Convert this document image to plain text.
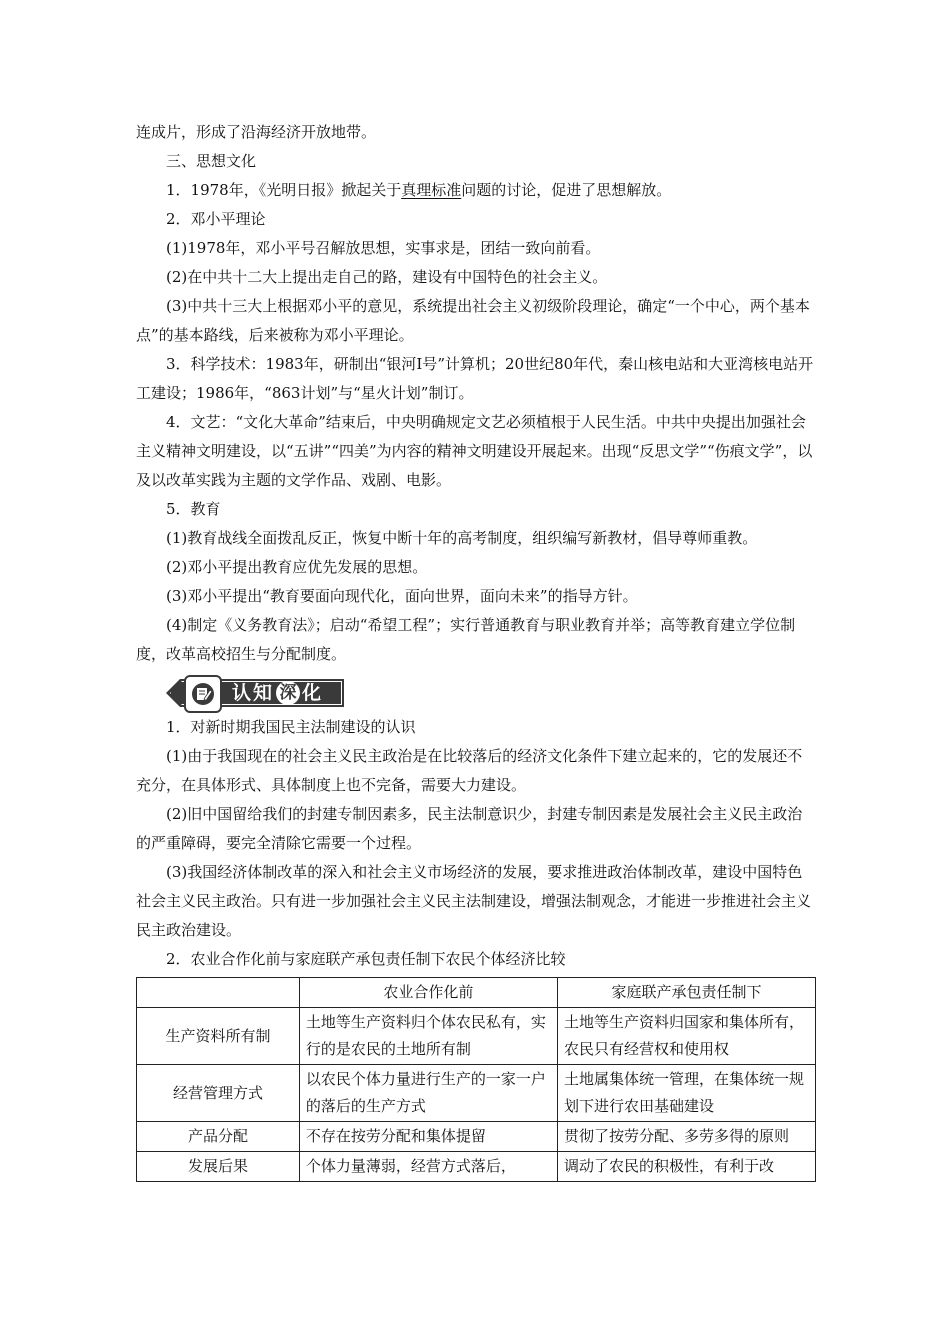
连成片，形成了沿海经济开放地带。

三、思想文化

1．1978年，《光明日报》掀起关于真理标准问题的讨论，促进了思想解放。

2．邓小平理论

(1)1978年，邓小平号召解放思想，实事求是，团结一致向前看。

(2)在中共十二大上提出走自己的路，建设有中国特色的社会主义。

(3)中共十三大上根据邓小平的意见，系统提出社会主义初级阶段理论，确定“一个中心，两个基本点”的基本路线，后来被称为邓小平理论。

3．科学技术：1983年，研制出“银河Ⅰ号”计算机；20世纪80年代，秦山核电站和大亚湾核电站开工建设；1986年，“863计划”与“星火计划”制订。

4．文艺：“文化大革命”结束后，中央明确规定文艺必须植根于人民生活。中共中央提出加强社会主义精神文明建设，以“五讲”“四美”为内容的精神文明建设开展起来。出现“反思文学”“伤痕文学”，以及以改革实践为主题的文学作品、戏剧、电影。

5．教育

(1)教育战线全面拨乱反正，恢复中断十年的高考制度，组织编写新教材，倡导尊师重教。

(2)邓小平提出教育应优先发展的思想。

(3)邓小平提出“教育要面向现代化，面向世界，面向未来”的指导方针。

(4)制定《义务教育法》；启动“希望工程”；实行普通教育与职业教育并举；高等教育建立学位制度，改革高校招生与分配制度。

认知 深 化

1．对新时期我国民主法制建设的认识

(1)由于我国现在的社会主义民主政治是在比较落后的经济文化条件下建立起来的，它的发展还不充分，在具体形式、具体制度上也不完备，需要大力建设。

(2)旧中国留给我们的封建专制因素多，民主法制意识少，封建专制因素是发展社会主义民主政治的严重障碍，要完全清除它需要一个过程。

(3)我国经济体制改革的深入和社会主义市场经济的发展，要求推进政治体制改革，建设中国特色社会主义民主政治。只有进一步加强社会主义民主法制建设，增强法制观念，才能进一步推进社会主义民主政治建设。

2．农业合作化前与家庭联产承包责任制下农民个体经济比较

	农业合作化前	家庭联产承包责任制下
生产资料所有制	土地等生产资料归个体农民私有，实行的是农民的土地所有制	土地等生产资料归国家和集体所有，农民只有经营权和使用权
经营管理方式	以农民个体力量进行生产的一家一户的落后的生产方式	土地属集体统一管理，在集体统一规划下进行农田基础建设
产品分配	不存在按劳分配和集体提留	贯彻了按劳分配、多劳多得的原则
发展后果	个体力量薄弱，经营方式落后，	调动了农民的积极性，有利于改
